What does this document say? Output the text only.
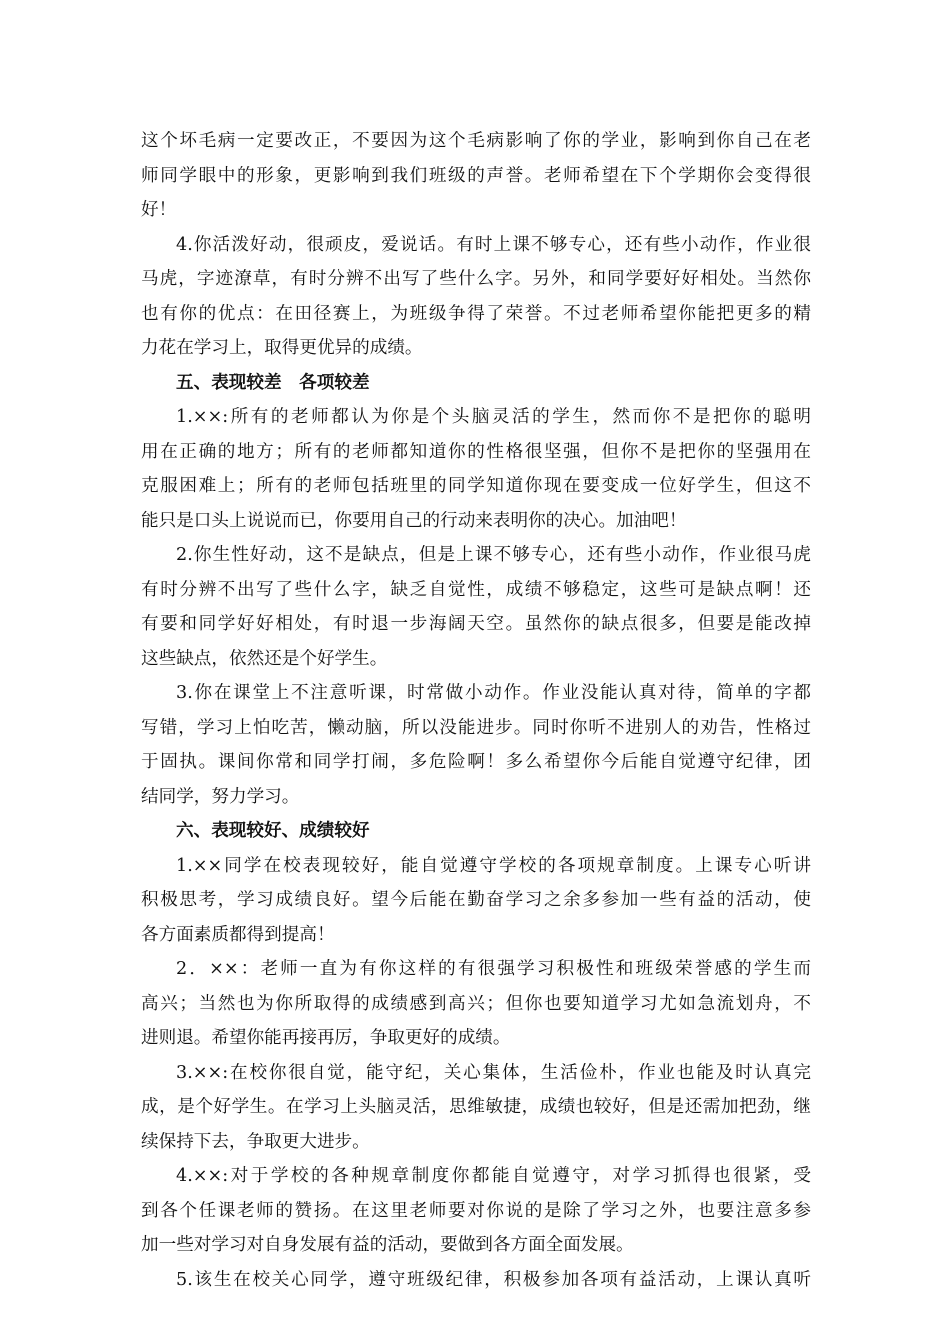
这个坏毛病一定要改正，不要因为这个毛病影响了你的学业，影响到你自己在老
师同学眼中的形象，更影响到我们班级的声誉。老师希望在下个学期你会变得很
好！
4.你活泼好动，很顽皮，爱说话。有时上课不够专心，还有些小动作，作业很
马虎，字迹潦草，有时分辨不出写了些什么字。另外，和同学要好好相处。当然你
也有你的优点：在田径赛上，为班级争得了荣誉。不过老师希望你能把更多的精
力花在学习上，取得更优异的成绩。
五、表现较差　各项较差
1.××:所有的老师都认为你是个头脑灵活的学生，然而你不是把你的聪明
用在正确的地方；所有的老师都知道你的性格很坚强，但你不是把你的坚强用在
克服困难上；所有的老师包括班里的同学知道你现在要变成一位好学生，但这不
能只是口头上说说而已，你要用自己的行动来表明你的决心。加油吧！
2.你生性好动，这不是缺点，但是上课不够专心，还有些小动作，作业很马虎
有时分辨不出写了些什么字，缺乏自觉性，成绩不够稳定，这些可是缺点啊！还
有要和同学好好相处，有时退一步海阔天空。虽然你的缺点很多，但要是能改掉
这些缺点，依然还是个好学生。
3.你在课堂上不注意听课，时常做小动作。作业没能认真对待，简单的字都
写错，学习上怕吃苦，懒动脑，所以没能进步。同时你听不进别人的劝告，性格过
于固执。课间你常和同学打闹，多危险啊！多么希望你今后能自觉遵守纪律，团
结同学，努力学习。
六、表现较好、成绩较好
1.××同学在校表现较好，能自觉遵守学校的各项规章制度。上课专心听讲
积极思考，学习成绩良好。望今后能在勤奋学习之余多参加一些有益的活动，使
各方面素质都得到提高！
2．××：老师一直为有你这样的有很强学习积极性和班级荣誉感的学生而
高兴；当然也为你所取得的成绩感到高兴；但你也要知道学习尤如急流划舟，不
进则退。希望你能再接再厉，争取更好的成绩。
3.××:在校你很自觉，能守纪，关心集体，生活俭朴，作业也能及时认真完
成，是个好学生。在学习上头脑灵活，思维敏捷，成绩也较好，但是还需加把劲，继
续保持下去，争取更大进步。
4.××:对于学校的各种规章制度你都能自觉遵守，对学习抓得也很紧，受
到各个任课老师的赞扬。在这里老师要对你说的是除了学习之外，也要注意多参
加一些对学习对自身发展有益的活动，要做到各方面全面发展。
5.该生在校关心同学，遵守班级纪律，积极参加各项有益活动，上课认真听
